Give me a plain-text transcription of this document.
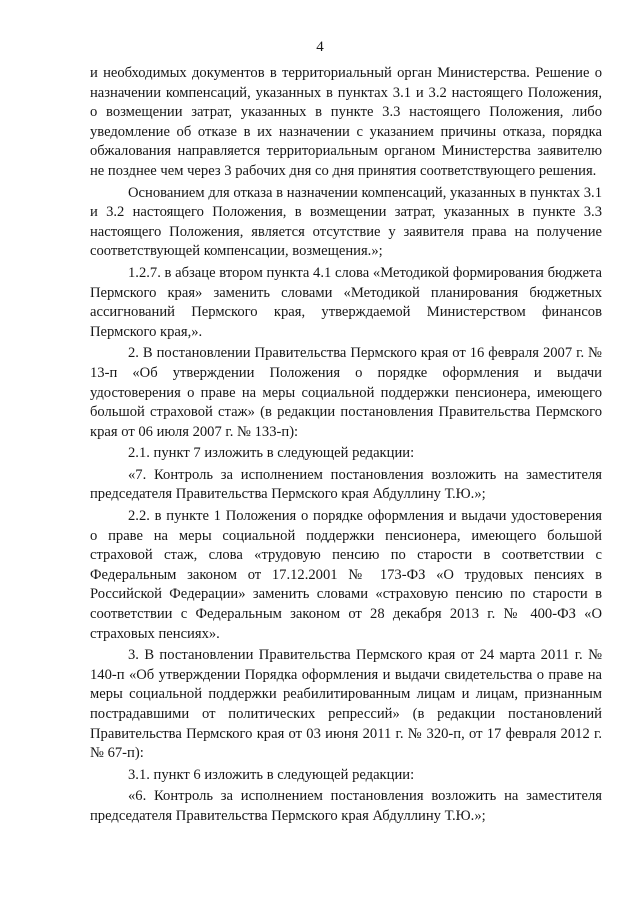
4

и необходимых документов в территориальный орган Министерства. Решение о назначении компенсаций, указанных в пунктах 3.1 и 3.2 настоящего Положения, о возмещении затрат, указанных в пункте 3.3 настоящего Положения, либо уведомление об отказе в их назначении с указанием причины отказа, порядка обжалования направляется территориальным органом Министерства заявителю не позднее чем через 3 рабочих дня со дня принятия соответствующего решения.

Основанием для отказа в назначении компенсаций, указанных в пунктах 3.1 и 3.2 настоящего Положения, в возмещении затрат, указанных в пункте 3.3 настоящего Положения, является отсутствие у заявителя права на получение соответствующей компенсации, возмещения.»;

1.2.7. в абзаце втором пункта 4.1 слова «Методикой формирования бюджета Пермского края» заменить словами «Методикой планирования бюджетных ассигнований Пермского края, утверждаемой Министерством финансов Пермского края,».

2. В постановлении Правительства Пермского края от 16 февраля 2007 г. № 13-п «Об утверждении Положения о порядке оформления и выдачи удостоверения о праве на меры социальной поддержки пенсионера, имеющего большой страховой стаж» (в редакции постановления Правительства Пермского края от 06 июля 2007 г. № 133-п):

2.1. пункт 7 изложить в следующей редакции:

«7. Контроль за исполнением постановления возложить на заместителя председателя Правительства Пермского края Абдуллину Т.Ю.»;

2.2. в пункте 1 Положения о порядке оформления и выдачи удостоверения о праве на меры социальной поддержки пенсионера, имеющего большой страховой стаж, слова «трудовую пенсию по старости в соответствии с Федеральным законом от 17.12.2001 № 173-ФЗ «О трудовых пенсиях в Российской Федерации» заменить словами «страховую пенсию по старости в соответствии с Федеральным законом от 28 декабря 2013 г. № 400-ФЗ «О страховых пенсиях».

3. В постановлении Правительства Пермского края от 24 марта 2011 г. № 140-п «Об утверждении Порядка оформления и выдачи свидетельства о праве на меры социальной поддержки реабилитированным лицам и лицам, признанным пострадавшими от политических репрессий» (в редакции постановлений Правительства Пермского края от 03 июня 2011 г. № 320-п, от 17 февраля 2012 г. № 67-п):

3.1. пункт 6 изложить в следующей редакции:

«6. Контроль за исполнением постановления возложить на заместителя председателя Правительства Пермского края Абдуллину Т.Ю.»;
